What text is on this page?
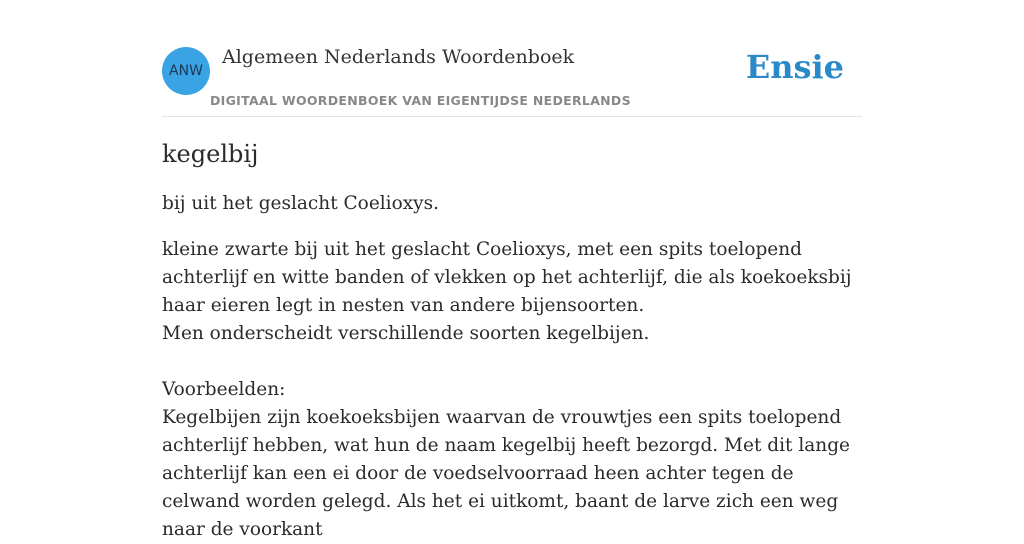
ANW
Algemeen Nederlands Woordenboek
DIGITAAL WOORDENBOEK VAN EIGENTIJDSE NEDERLANDS
Ensie
kegelbij

bij uit het geslacht Coelioxys.

kleine zwarte bij uit het geslacht Coelioxys, met een spits toelopend achterlijf en witte banden of vlekken op het achterlijf, die als koekoeksbij haar eieren legt in nesten van andere bijensoorten.
Men onderscheidt verschillende soorten kegelbijen.
Voorbeelden:
Kegelbijen zijn koekoeksbijen waarvan de vrouwtjes een spits toelopend achterlijf hebben, wat hun de naam kegelbij heeft bezorgd. Met dit lange achterlijf kan een ei door de voedselvoorraad heen achter tegen de celwand worden gelegd. Als het ei uitkomt, baant de larve zich een weg naar de voorkant
